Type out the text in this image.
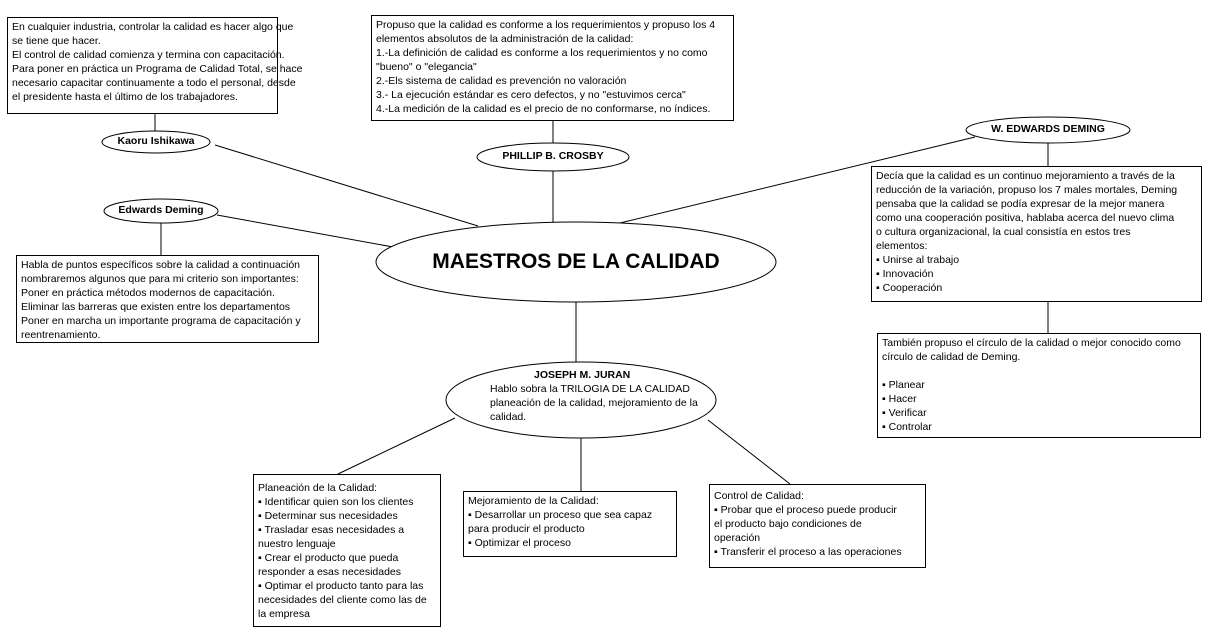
MAESTROS DE LA CALIDAD
Kaoru Ishikawa
Edwards Deming
PHILLIP B. CROSBY
W. EDWARDS DEMING
En cualquier industria, controlar la calidad es hacer algo que
se tiene que hacer.
El control de calidad comienza y termina con capacitación.
Para poner en práctica un Programa de Calidad Total, se hace
necesario capacitar continuamente a todo el personal, desde
el presidente hasta el último de los trabajadores.
Propuso que la calidad es conforme a los requerimientos y propuso los 4
elementos absolutos de la administración de la calidad:
1.-La definición de calidad es conforme a los requerimientos y no como
"bueno" o "elegancia"
2.-Els sistema de calidad es prevención no valoración
3.- La ejecución estándar es cero defectos, y no "estuvimos cerca"
4.-La medición de la calidad es el precio de no conformarse, no índices.
Habla de puntos específicos sobre la calidad a continuación
nombraremos algunos que para mi criterio son importantes:
Poner en práctica métodos modernos de capacitación.
Eliminar las barreras que existen entre los departamentos
Poner en marcha un importante programa de capacitación y
reentrenamiento.
Decía que la calidad es un continuo mejoramiento a través de la
reducción de la variación, propuso los 7 males mortales, Deming
pensaba que la calidad se podía expresar de la mejor manera
como una cooperación positiva, hablaba acerca del nuevo clima
o cultura organizacional, la cual consistía en estos tres
elementos:
▪ Unirse al trabajo
▪ Innovación
▪ Cooperación
También propuso el círculo de la calidad o mejor conocido como
círculo de calidad de Deming.
▪ Planear
▪ Hacer
▪ Verificar
▪ Controlar
JOSEPH M. JURAN
Hablo sobra la TRILOGIA DE LA CALIDAD
planeación de la calidad, mejoramiento de la
calidad.
Planeación de la Calidad:
▪ Identificar quien son los clientes
▪ Determinar sus necesidades
▪ Trasladar esas necesidades a
nuestro lenguaje
▪ Crear el producto que pueda
responder a esas necesidades
▪ Optimar el producto tanto para las
necesidades del cliente como las de
la empresa
Mejoramiento de la Calidad:
▪ Desarrollar un proceso que sea capaz
para producir el producto
▪ Optimizar el proceso
Control de Calidad:
▪ Probar que el proceso puede producir
el producto bajo condiciones de
operación
▪ Transferir el proceso a las operaciones
